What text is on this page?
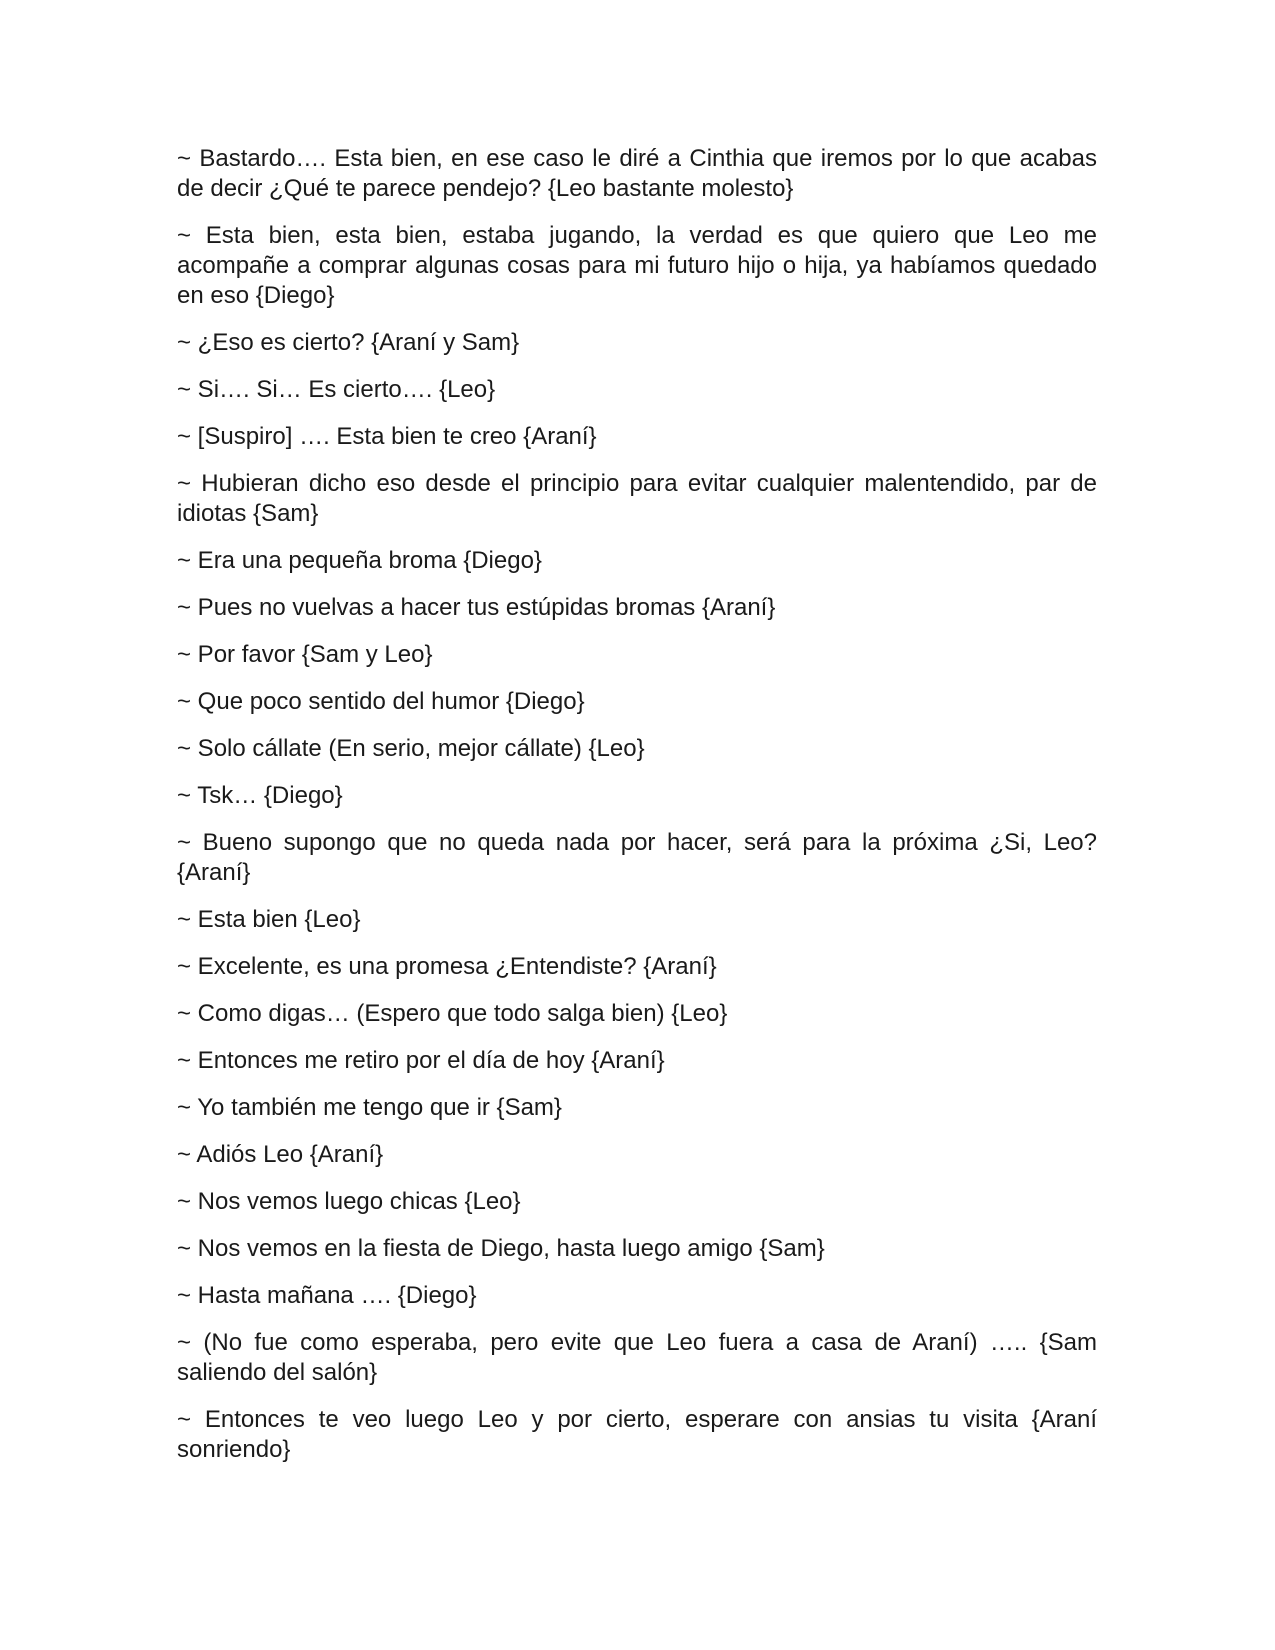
~ Bastardo…. Esta bien, en ese caso le diré a Cinthia que iremos por lo que acabas de decir ¿Qué te parece pendejo? {Leo bastante molesto}

~ Esta bien, esta bien, estaba jugando, la verdad es que quiero que Leo me acompañe a comprar algunas cosas para mi futuro hijo o hija, ya habíamos quedado en eso {Diego}

~ ¿Eso es cierto? {Araní y Sam}

~ Si…. Si… Es cierto…. {Leo}

~ [Suspiro] …. Esta bien te creo {Araní}

~ Hubieran dicho eso desde el principio para evitar cualquier malentendido, par de idiotas {Sam}

~ Era una pequeña broma {Diego}

~ Pues no vuelvas a hacer tus estúpidas bromas {Araní}

~ Por favor {Sam y Leo}

~ Que poco sentido del humor {Diego}

~ Solo cállate (En serio, mejor cállate) {Leo}

~ Tsk… {Diego}

~ Bueno supongo que no queda nada por hacer, será para la próxima ¿Si, Leo? {Araní}

~ Esta bien {Leo}

~ Excelente, es una promesa ¿Entendiste? {Araní}

~ Como digas… (Espero que todo salga bien) {Leo}

~ Entonces me retiro por el día de hoy {Araní}

~ Yo también me tengo que ir {Sam}

~ Adiós Leo {Araní}

~ Nos vemos luego chicas {Leo}

~ Nos vemos en la fiesta de Diego, hasta luego amigo {Sam}

~ Hasta mañana …. {Diego}

~ (No fue como esperaba, pero evite que Leo fuera a casa de Araní) ….. {Sam saliendo del salón}

~ Entonces te veo luego Leo y por cierto, esperare con ansias tu visita {Araní sonriendo}
